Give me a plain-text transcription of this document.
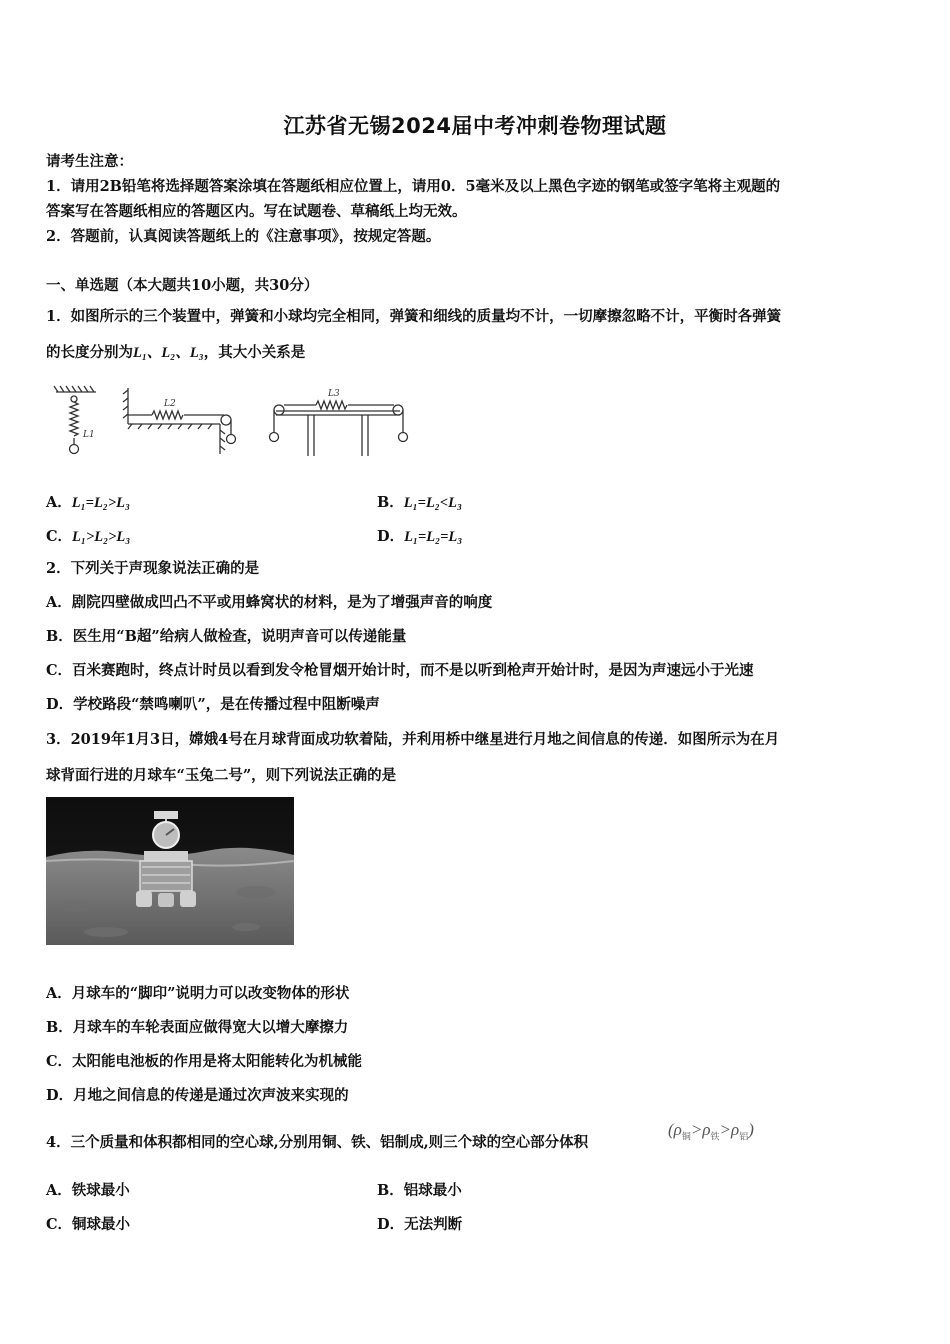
江苏省无锡2024届中考冲刺卷物理试题
请考生注意：
1．请用2B铅笔将选择题答案涂填在答题纸相应位置上，请用0．5毫米及以上黑色字迹的钢笔或签字笔将主观题的
答案写在答题纸相应的答题区内。写在试题卷、草稿纸上均无效。
2．答题前，认真阅读答题纸上的《注意事项》，按规定答题。
一、单选题（本大题共10小题，共30分）
1．如图所示的三个装置中，弹簧和小球均完全相同，弹簧和细线的质量均不计，一切摩擦忽略不计，平衡时各弹簧
的长度分别为L₁、L₂、L₃，其大小关系是
L1
L2
L3
A．L₁=L₂>L₃	B．L₁=L₂<L₃
C．L₁>L₂>L₃	D．L₁=L₂=L₃
2．下列关于声现象说法正确的是
A．剧院四壁做成凹凸不平或用蜂窝状的材料，是为了增强声音的响度
B．医生用“B超”给病人做检查，说明声音可以传递能量
C．百米赛跑时，终点计时员以看到发令枪冒烟开始计时，而不是以听到枪声开始计时，是因为声速远小于光速
D．学校路段“禁鸣喇叭”，是在传播过程中阻断噪声
3．2019年1月3日，嫦娥4号在月球背面成功软着陆，并利用桥中继星进行月地之间信息的传递．如图所示为在月
球背面行进的月球车“玉兔二号”，则下列说法正确的是
A．月球车的“脚印”说明力可以改变物体的形状
B．月球车的车轮表面应做得宽大以增大摩擦力
C．太阳能电池板的作用是将太阳能转化为机械能
D．月地之间信息的传递是通过次声波来实现的
4．三个质量和体积都相同的空心球,分别用铜、铁、铝制成,则三个球的空心部分体积
$(\rho_铜>\rho_铁>\rho_铝)$
A．铁球最小	B．铝球最小
C．铜球最小	D．无法判断
